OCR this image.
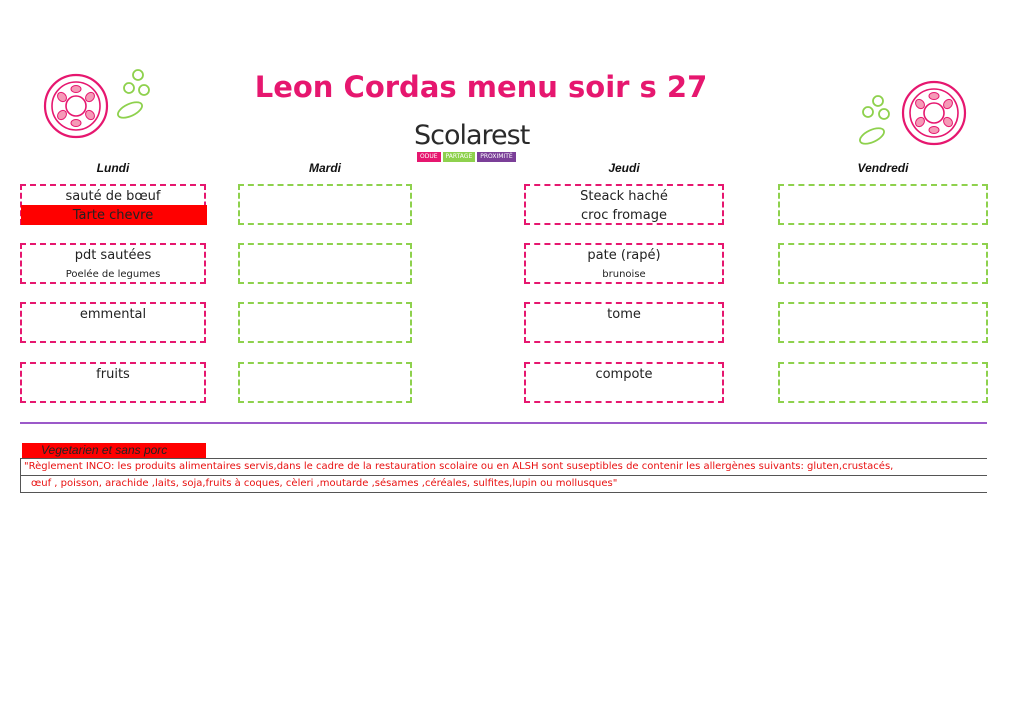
Leon Cordas menu soir s 27
Scolarest
ODUE	PARTAGE	PROXIMITÉ
Lundi	Mardi	Jeudi	Vendredi
sauté de bœuf
Tarte chevre
pdt sautées
Poelée de legumes
emmental
fruits
Steack haché
croc fromage
pate (rapé)
brunoise
tome
compote
Vegetarien et sans porc
"Règlement INCO: les produits alimentaires servis,dans le cadre de la restauration scolaire ou en ALSH sont suseptibles de contenir les allergènes suivants: gluten,crustacés,
œuf , poisson, arachide ,laits, soja,fruits à coques, cèleri ,moutarde ,sésames ,céréales, sulfites,lupin ou mollusques"
